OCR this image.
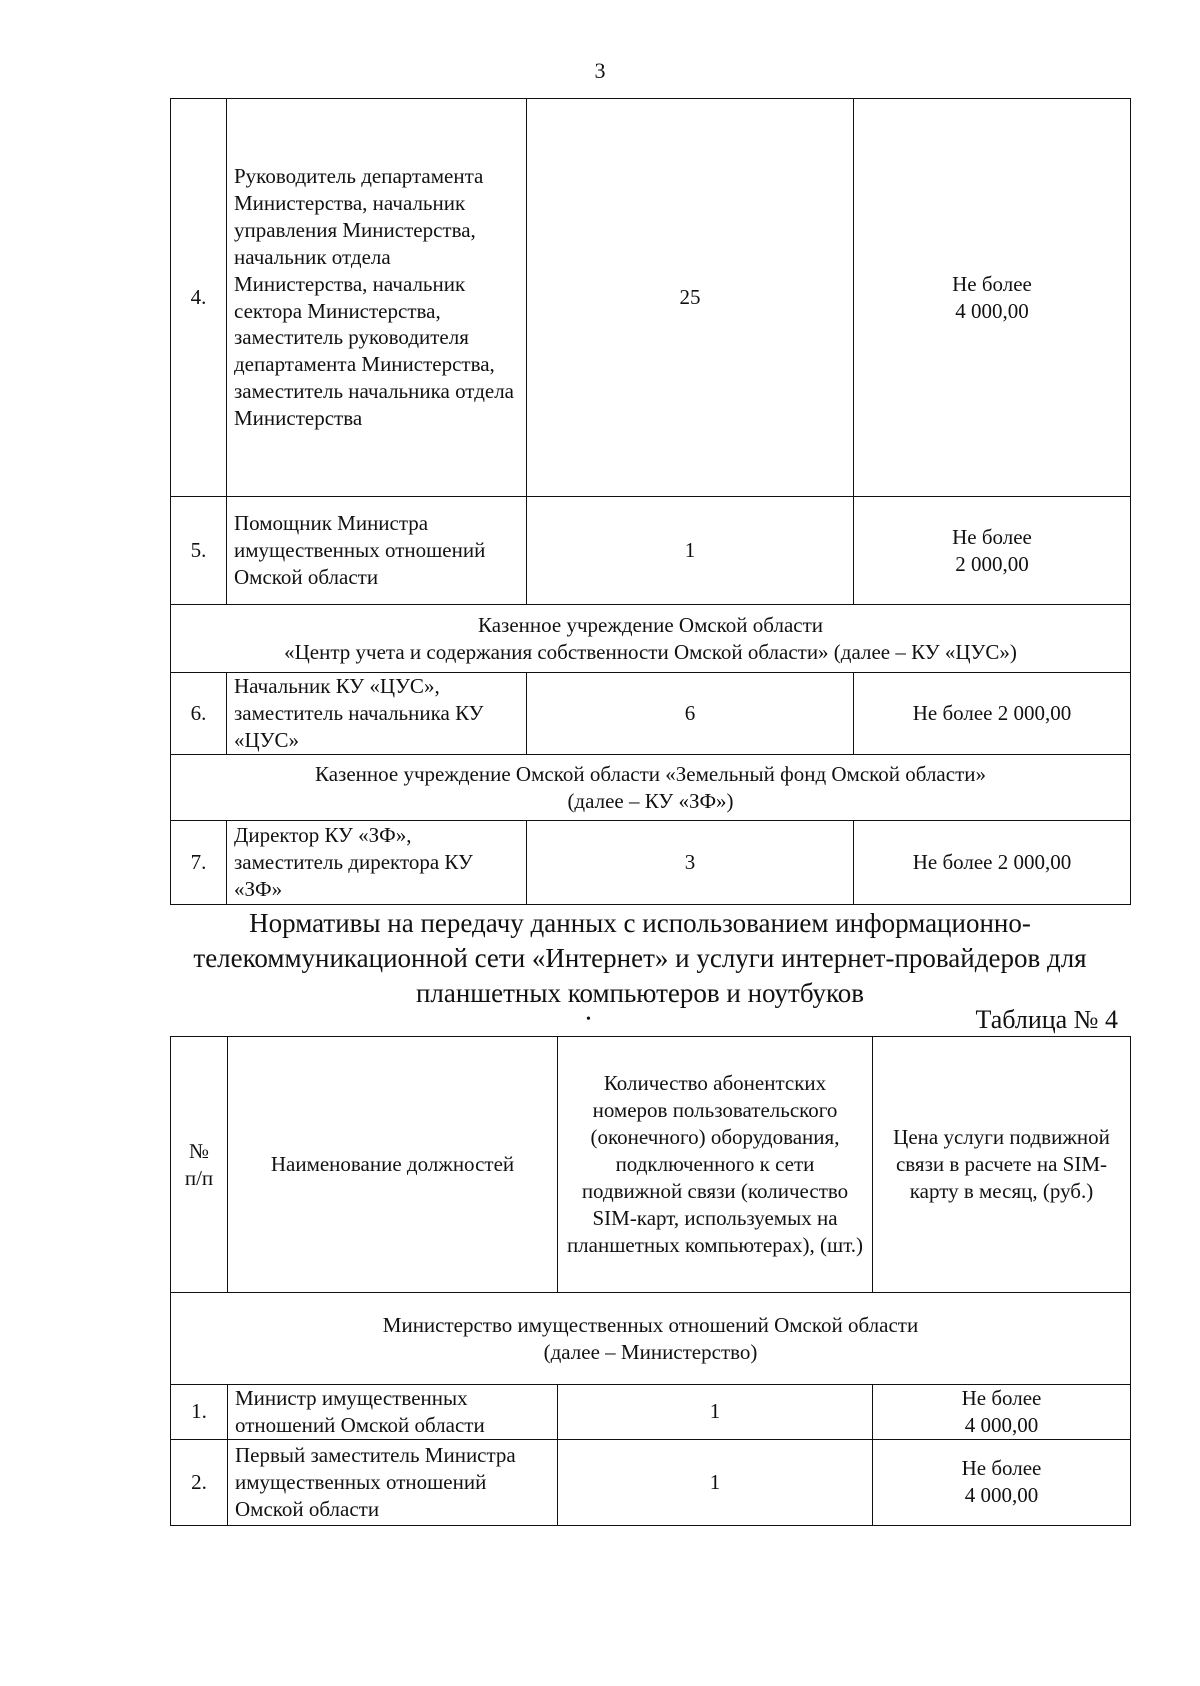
3
4.	Руководитель департамента Министерства, начальник управления Министерства, начальник отдела Министерства, начальник сектора Министерства, заместитель руководителя департамента Министерства, заместитель начальника отдела Министерства	25	Не более
4 000,00

5.	Помощник Министра имущественных отношений Омской области	1	Не более
2 000,00

Казенное учреждение Омской области
«Центр учета и содержания собственности Омской области» (далее – КУ «ЦУС»)			

6.	Начальник КУ «ЦУС», заместитель начальника КУ «ЦУС»	6	Не более 2 000,00

Казенное учреждение Омской области «Земельный фонд Омской области»
(далее – КУ «ЗФ»)			

7.	Директор КУ «ЗФ», заместитель директора КУ «ЗФ»	3	Не более 2 000,00
Нормативы на передачу данных с использованием информационно-
телекоммуникационной сети «Интернет» и услуги интернет-провайдеров для
планшетных компьютеров и ноутбуков
•	Таблица № 4
№
п/п	Наименование должностей	Количество абонентских номеров пользовательского (оконечного) оборудования, подключенного к сети подвижной связи (количество SIM-карт, используемых на планшетных компьютерах), (шт.)	Цена услуги подвижной связи в расчете на SIM-карту в месяц, (руб.)

Министерство имущественных отношений Омской области
(далее – Министерство)			

1.	Министр имущественных отношений Омской области	1	Не более
4 000,00

2.	Первый заместитель Министра имущественных отношений Омской области	1	Не более
4 000,00
